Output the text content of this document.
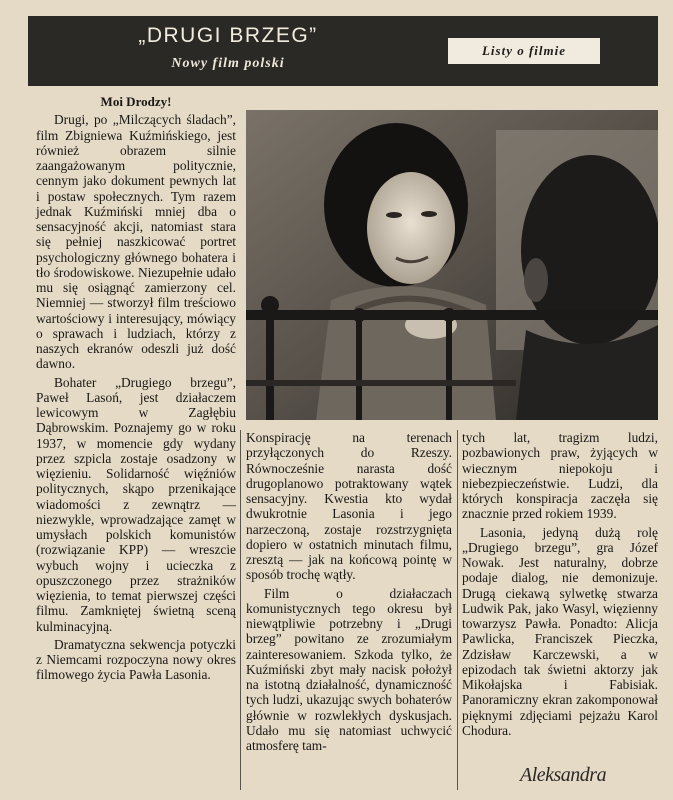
„DRUGI BRZEG”
Nowy film polski
Listy o filmie
Moi Drodzy!

Drugi, po „Milczących śladach”, film Zbigniewa Kuźmińskiego, jest również obrazem silnie zaangażowanym politycznie, cennym jako dokument pewnych lat i postaw społecznych. Tym razem jednak Kuźmiński mniej dba o sensacyjność akcji, natomiast stara się pełniej naszkicować portret psychologiczny głównego bohatera i tło środowiskowe. Niezupełnie udało mu się osiągnąć zamierzony cel. Niemniej — stworzył film treściowo wartościowy i interesujący, mówiący o sprawach i ludziach, którzy z naszych ekranów odeszli już dość dawno.

Bohater „Drugiego brzegu”, Paweł Lasoń, jest działaczem lewicowym w Zagłębiu Dąbrowskim. Poznajemy go w roku 1937, w momencie gdy wydany przez szpicla zostaje osadzony w więzieniu. Solidarność więźniów politycznych, skąpo przenikające wiadomości z zewnątrz — niezwykle, wprowadzające zamęt w umysłach polskich komunistów (rozwiązanie KPP) — wreszcie wybuch wojny i ucieczka z opuszczonego przez strażników więzienia, to temat pierwszej części filmu. Zamkniętej świetną sceną kulminacyjną.

Dramatyczna sekwencja potyczki z Niemcami rozpoczyna nowy okres filmowego życia Pawła Lasonia.

Konspirację na terenach przyłączonych do Rzeszy. Równocześnie narasta dość drugoplanowo potraktowany wątek sensacyjny. Kwestia kto wydał dwukrotnie Lasonia i jego narzeczoną, zostaje rozstrzygnięta dopiero w ostatnich minutach filmu, zresztą — jak na końcową pointę w sposób trochę wątły.

Film o działaczach komunistycznych tego okresu był niewątpliwie potrzebny i „Drugi brzeg” powitano ze zrozumiałym zainteresowaniem. Szkoda tylko, że Kuźmiński zbyt mały nacisk położył na istotną działalność, dynamiczność tych ludzi, ukazując swych bohaterów głównie w rozwlekłych dyskusjach. Udało mu się natomiast uchwycić atmosferę tam-

tych lat, tragizm ludzi, pozbawionych praw, żyjących w wiecznym niepokoju i niebezpieczeństwie. Ludzi, dla których konspiracja zaczęła się znacznie przed rokiem 1939.

Lasonia, jedyną dużą rolę „Drugiego brzegu”, gra Józef Nowak. Jest naturalny, dobrze podaje dialog, nie demonizuje. Drugą ciekawą sylwetkę stwarza Ludwik Pak, jako Wasyl, więzienny towarzysz Pawła. Ponadto: Alicja Pawlicka, Franciszek Pieczka, Zdzisław Karczewski, a w epizodach tak świetni aktorzy jak Mikołajska i Fabisiak. Panoramiczny ekran zakomponował pięknymi zdjęciami pejzażu Karol Chodura.

Aleksandra
